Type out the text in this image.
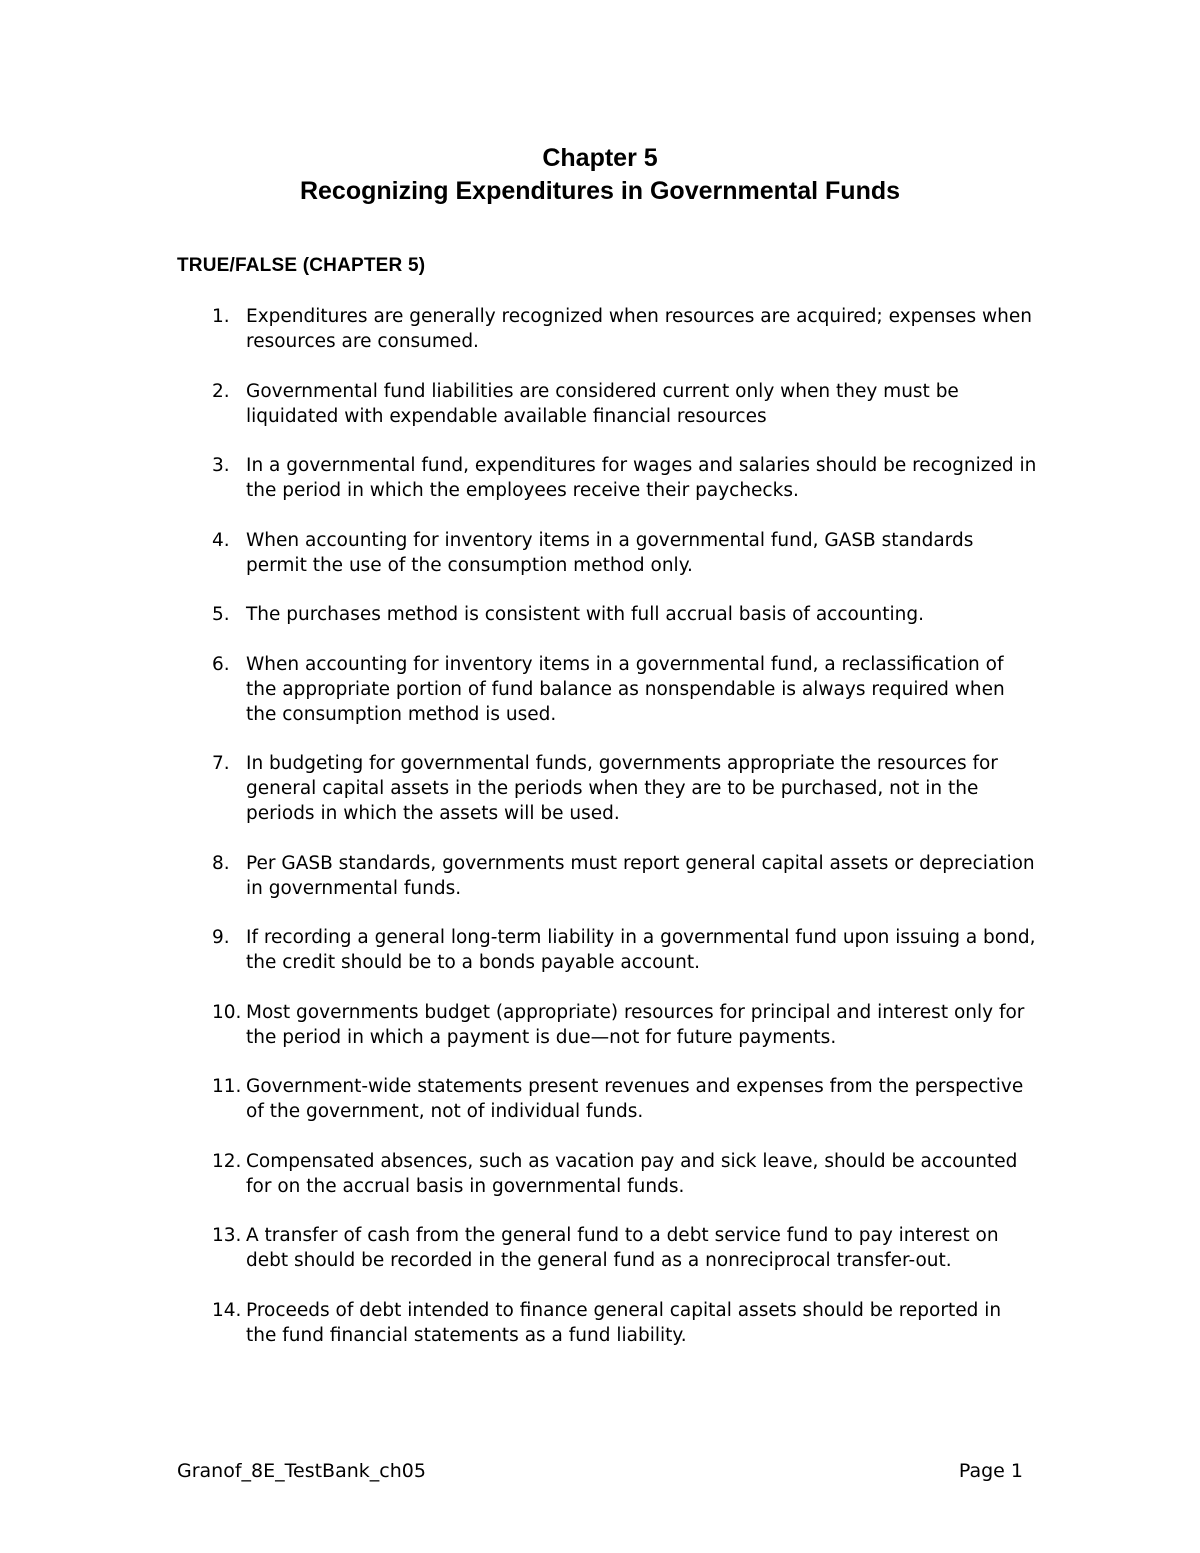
Chapter 5
Recognizing Expenditures in Governmental Funds
TRUE/FALSE (CHAPTER 5)
1. Expenditures are generally recognized when resources are acquired; expenses when resources are consumed.
2. Governmental fund liabilities are considered current only when they must be liquidated with expendable available financial resources
3. In a governmental fund, expenditures for wages and salaries should be recognized in the period in which the employees receive their paychecks.
4. When accounting for inventory items in a governmental fund, GASB standards permit the use of the consumption method only.
5. The purchases method is consistent with full accrual basis of accounting.
6. When accounting for inventory items in a governmental fund, a reclassification of the appropriate portion of fund balance as nonspendable is always required when the consumption method is used.
7. In budgeting for governmental funds, governments appropriate the resources for general capital assets in the periods when they are to be purchased, not in the periods in which the assets will be used.
8. Per GASB standards, governments must report general capital assets or depreciation in governmental funds.
9. If recording a general long-term liability in a governmental fund upon issuing a bond, the credit should be to a bonds payable account.
10. Most governments budget (appropriate) resources for principal and interest only for the period in which a payment is due—not for future payments.
11. Government-wide statements present revenues and expenses from the perspective of the government, not of individual funds.
12. Compensated absences, such as vacation pay and sick leave, should be accounted for on the accrual basis in governmental funds.
13. A transfer of cash from the general fund to a debt service fund to pay interest on debt should be recorded in the general fund as a nonreciprocal transfer-out.
14. Proceeds of debt intended to finance general capital assets should be reported in the fund financial statements as a fund liability.
Granof_8E_TestBank_ch05	Page 1
